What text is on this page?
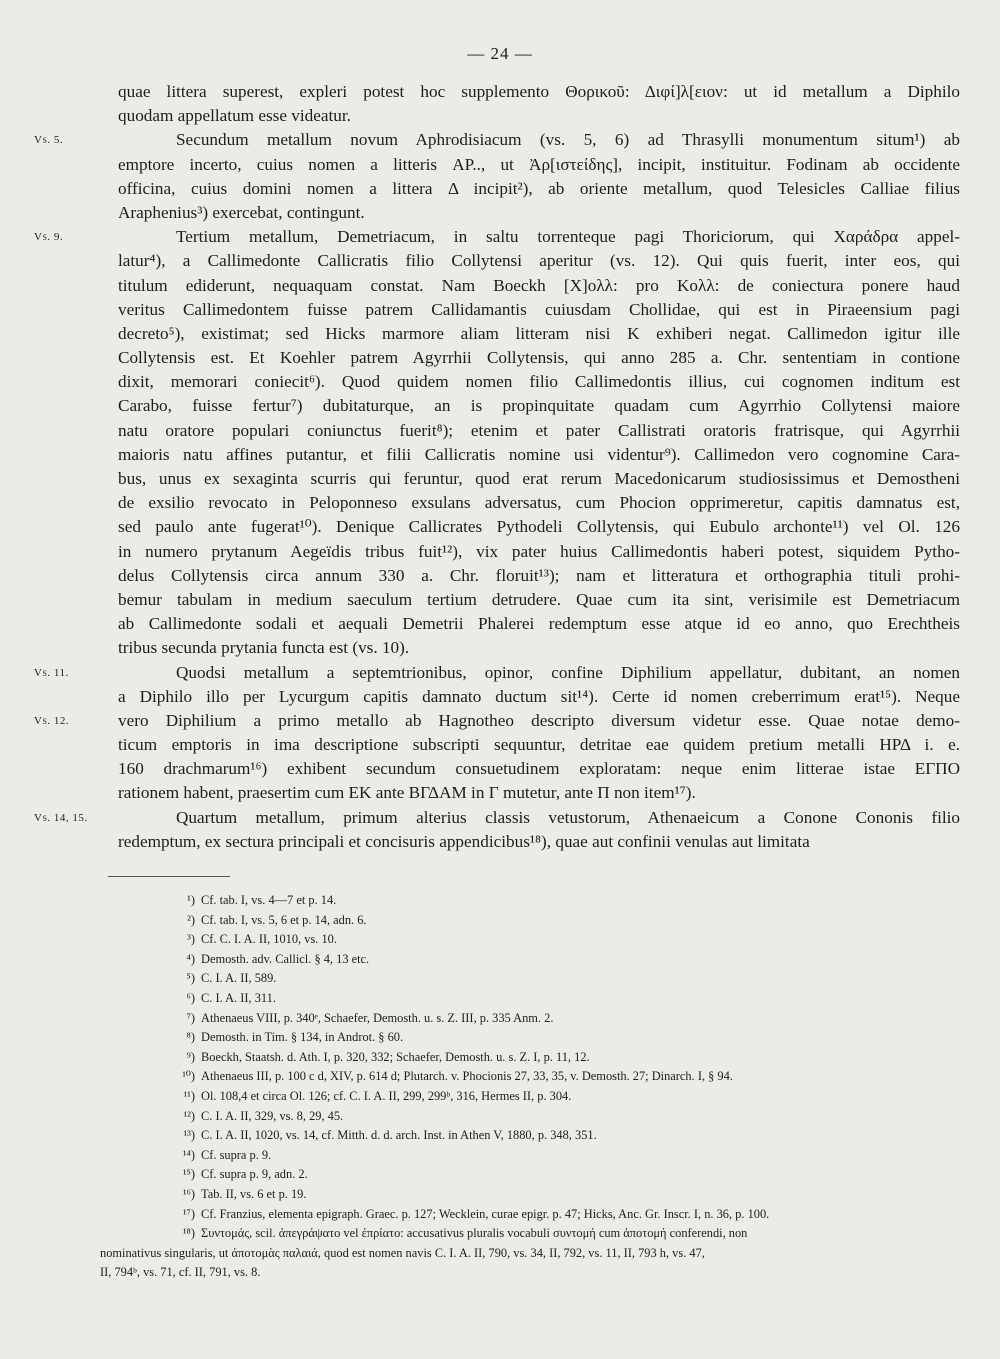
— 24 —
quae littera superest, expleri potest hoc supplemento Θορικοῦ: Διφί]λ[ειον: ut id metallum a Diphilo
quodam appellatum esse videatur.
Vs. 5.	Secundum metallum novum Aphrodisiacum (vs. 5, 6) ad Thrasylli monumentum situm¹) ab
emptore incerto, cuius nomen a litteris ΑΡ.., ut Ἀρ[ιστείδης], incipit, instituitur. Fodinam ab occidente
officina, cuius domini nomen a littera Δ incipit²), ab oriente metallum, quod Telesicles Calliae filius
Araphenius³) exercebat, contingunt.
Vs. 9.	Tertium metallum, Demetriacum, in saltu torrenteque pagi Thoriciorum, qui Χαράδρα appel-
latur⁴), a Callimedonte Callicratis filio Collytensi aperitur (vs. 12). Qui quis fuerit, inter eos, qui
titulum ediderunt, nequaquam constat. Nam Boeckh [Χ]ολλ: pro Κολλ: de coniectura ponere haud
veritus Callimedontem fuisse patrem Callidamantis cuiusdam Chollidae, qui est in Piraeensium pagi
decreto⁵), existimat; sed Hicks marmore aliam litteram nisi Κ exhiberi negat. Callimedon igitur ille
Collytensis est. Et Koehler patrem Agyrrhii Collytensis, qui anno 285 a. Chr. sententiam in contione
dixit, memorari coniecit⁶). Quod quidem nomen filio Callimedontis illius, cui cognomen inditum est
Carabo, fuisse fertur⁷) dubitaturque, an is propinquitate quadam cum Agyrrhio Collytensi maiore
natu oratore populari coniunctus fuerit⁸); etenim et pater Callistrati oratoris fratrisque, qui Agyrrhii
maioris natu affines putantur, et filii Callicratis nomine usi videntur⁹). Callimedon vero cognomine Cara-
bus, unus ex sexaginta scurris qui feruntur, quod erat rerum Macedonicarum studiosissimus et Demostheni
de exsilio revocato in Peloponneso exsulans adversatus, cum Phocion opprimeretur, capitis damnatus est,
sed paulo ante fugerat¹⁰). Denique Callicrates Pythodeli Collytensis, qui Eubulo archonte¹¹) vel Ol. 126
in numero prytanum Aegeïdis tribus fuit¹²), vix pater huius Callimedontis haberi potest, siquidem Pytho-
delus Collytensis circa annum 330 a. Chr. floruit¹³); nam et litteratura et orthographia tituli prohi-
bemur tabulam in medium saeculum tertium detrudere. Quae cum ita sint, verisimile est Demetriacum
ab Callimedonte sodali et aequali Demetrii Phalerei redemptum esse atque id eo anno, quo Erechtheis
tribus secunda prytania functa est (vs. 10).
Vs. 11.	Quodsi metallum a septemtrionibus, opinor, confine Diphilium appellatur, dubitant, an nomen
a Diphilo illo per Lycurgum capitis damnato ductum sit¹⁴). Certe id nomen creberrimum erat¹⁵). Neque
Vs. 12.	vero Diphilium a primo metallo ab Hagnotheo descripto diversum videtur esse. Quae notae demo-
ticum emptoris in ima descriptione subscripti sequuntur, detritae eae quidem pretium metalli ΗΡΔ i. e.
160 drachmarum¹⁶) exhibent secundum consuetudinem exploratam: neque enim litterae istae ΕΓΠΟ
rationem habent, praesertim cum ΕΚ ante ΒΓΔΑΜ in Γ mutetur, ante Π non item¹⁷).
Vs. 14, 15.	Quartum metallum, primum alterius classis vetustorum, Athenaeicum a Conone Cononis filio
redemptum, ex sectura principali et concisuris appendicibus¹⁸), quae aut confinii venulas aut limitata
¹) Cf. tab. I, vs. 4—7 et p. 14.
²) Cf. tab. I, vs. 5, 6 et p. 14, adn. 6.
³) Cf. C. I. A. II, 1010, vs. 10.
⁴) Demosth. adv. Callicl. § 4, 13 etc.
⁵) C. I. A. II, 589.
⁶) C. I. A. II, 311.
⁷) Athenaeus VIII, p. 340ᵉ, Schaefer, Demosth. u. s. Z. III, p. 335 Anm. 2.
⁸) Demosth. in Tim. § 134, in Androt. § 60.
⁹) Boeckh, Staatsh. d. Ath. I, p. 320, 332; Schaefer, Demosth. u. s. Z. I, p. 11, 12.
¹⁰) Athenaeus III, p. 100 c d, XIV, p. 614 d; Plutarch. v. Phocionis 27, 33, 35, v. Demosth. 27; Dinarch. I, § 94.
¹¹) Ol. 108,4 et circa Ol. 126; cf. C. I. A. II, 299, 299ᵇ, 316, Hermes II, p. 304.
¹²) C. I. A. II, 329, vs. 8, 29, 45.
¹³) C. I. A. II, 1020, vs. 14, cf. Mitth. d. d. arch. Inst. in Athen V, 1880, p. 348, 351.
¹⁴) Cf. supra p. 9.
¹⁵) Cf. supra p. 9, adn. 2.
¹⁶) Tab. II, vs. 6 et p. 19.
¹⁷) Cf. Franzius, elementa epigraph. Graec. p. 127; Wecklein, curae epigr. p. 47; Hicks, Anc. Gr. Inscr. I, n. 36, p. 100.
¹⁸) Συντομάς, scil. ἀπεγράψατο vel ἐπρίατο: accusativus pluralis vocabuli συντομή cum ἀποτομή conferendi, non
nominativus singularis, ut ἀποτομὰς παλαιά, quod est nomen navis C. I. A. II, 790, vs. 34, II, 792, vs. 11, II, 793 h, vs. 47,
II, 794ᵇ, vs. 71, cf. II, 791, vs. 8.
